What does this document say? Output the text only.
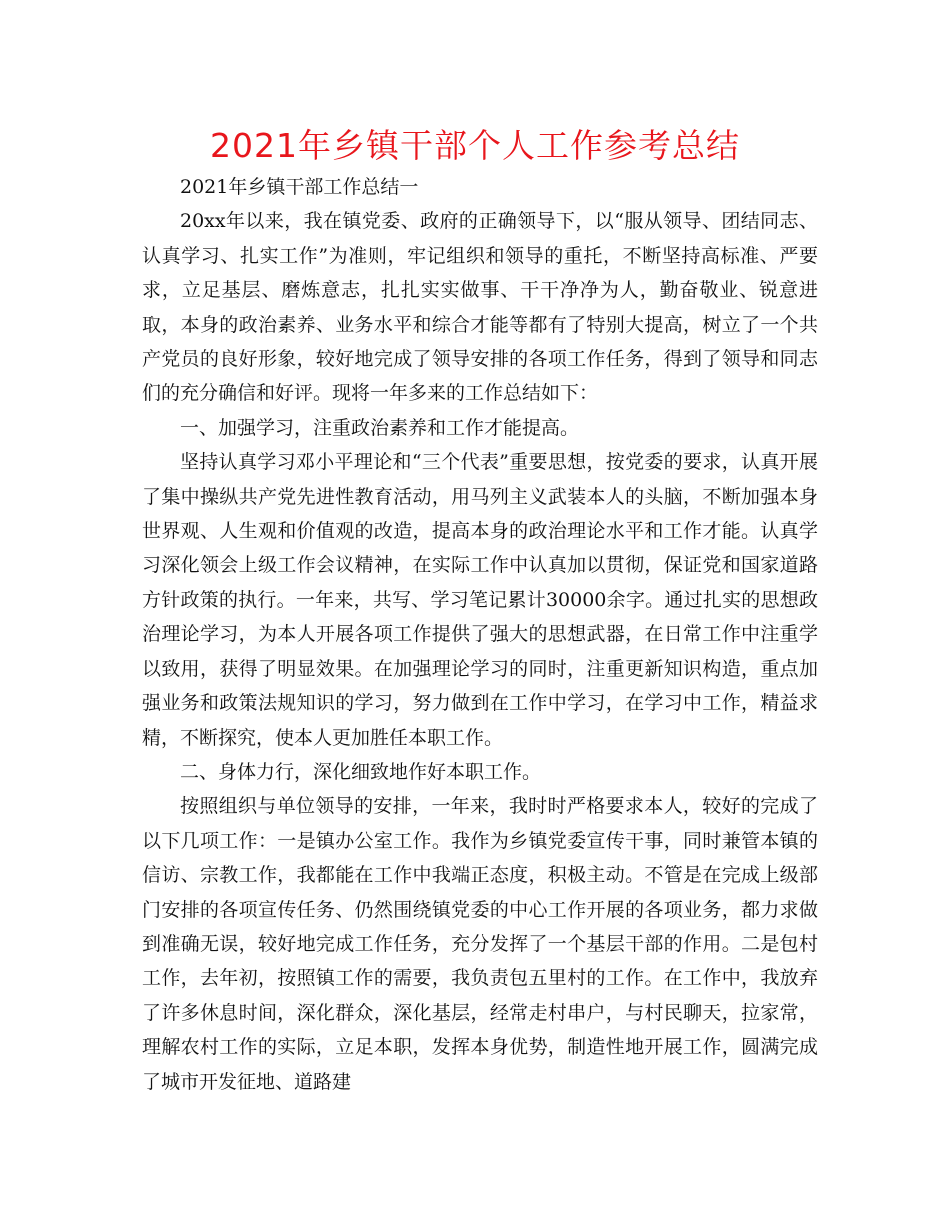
2021年乡镇干部个人工作参考总结

2021年乡镇干部工作总结一

20xx年以来，我在镇党委、政府的正确领导下，以“服从领导、团结同志、认真学习、扎实工作”为准则，牢记组织和领导的重托，不断坚持高标准、严要求，立足基层、磨炼意志，扎扎实实做事、干干净净为人，勤奋敬业、锐意进取，本身的政治素养、业务水平和综合才能等都有了特别大提高，树立了一个共产党员的良好形象，较好地完成了领导安排的各项工作任务，得到了领导和同志们的充分确信和好评。现将一年多来的工作总结如下：

一、加强学习，注重政治素养和工作才能提高。

坚持认真学习邓小平理论和“三个代表”重要思想，按党委的要求，认真开展了集中操纵共产党先进性教育活动，用马列主义武装本人的头脑，不断加强本身世界观、人生观和价值观的改造，提高本身的政治理论水平和工作才能。认真学习深化领会上级工作会议精神，在实际工作中认真加以贯彻，保证党和国家道路方针政策的执行。一年来，共写、学习笔记累计30000余字。通过扎实的思想政治理论学习，为本人开展各项工作提供了强大的思想武器，在日常工作中注重学以致用，获得了明显效果。在加强理论学习的同时，注重更新知识构造，重点加强业务和政策法规知识的学习，努力做到在工作中学习，在学习中工作，精益求精，不断探究，使本人更加胜任本职工作。

二、身体力行，深化细致地作好本职工作。

按照组织与单位领导的安排，一年来，我时时严格要求本人，较好的完成了以下几项工作：一是镇办公室工作。我作为乡镇党委宣传干事，同时兼管本镇的信访、宗教工作，我都能在工作中我端正态度，积极主动。不管是在完成上级部门安排的各项宣传任务、仍然围绕镇党委的中心工作开展的各项业务，都力求做到准确无误，较好地完成工作任务，充分发挥了一个基层干部的作用。二是包村工作，去年初，按照镇工作的需要，我负责包五里村的工作。在工作中，我放弃了许多休息时间，深化群众，深化基层，经常走村串户，与村民聊天，拉家常，理解农村工作的实际，立足本职，发挥本身优势，制造性地开展工作，圆满完成了城市开发征地、道路建
